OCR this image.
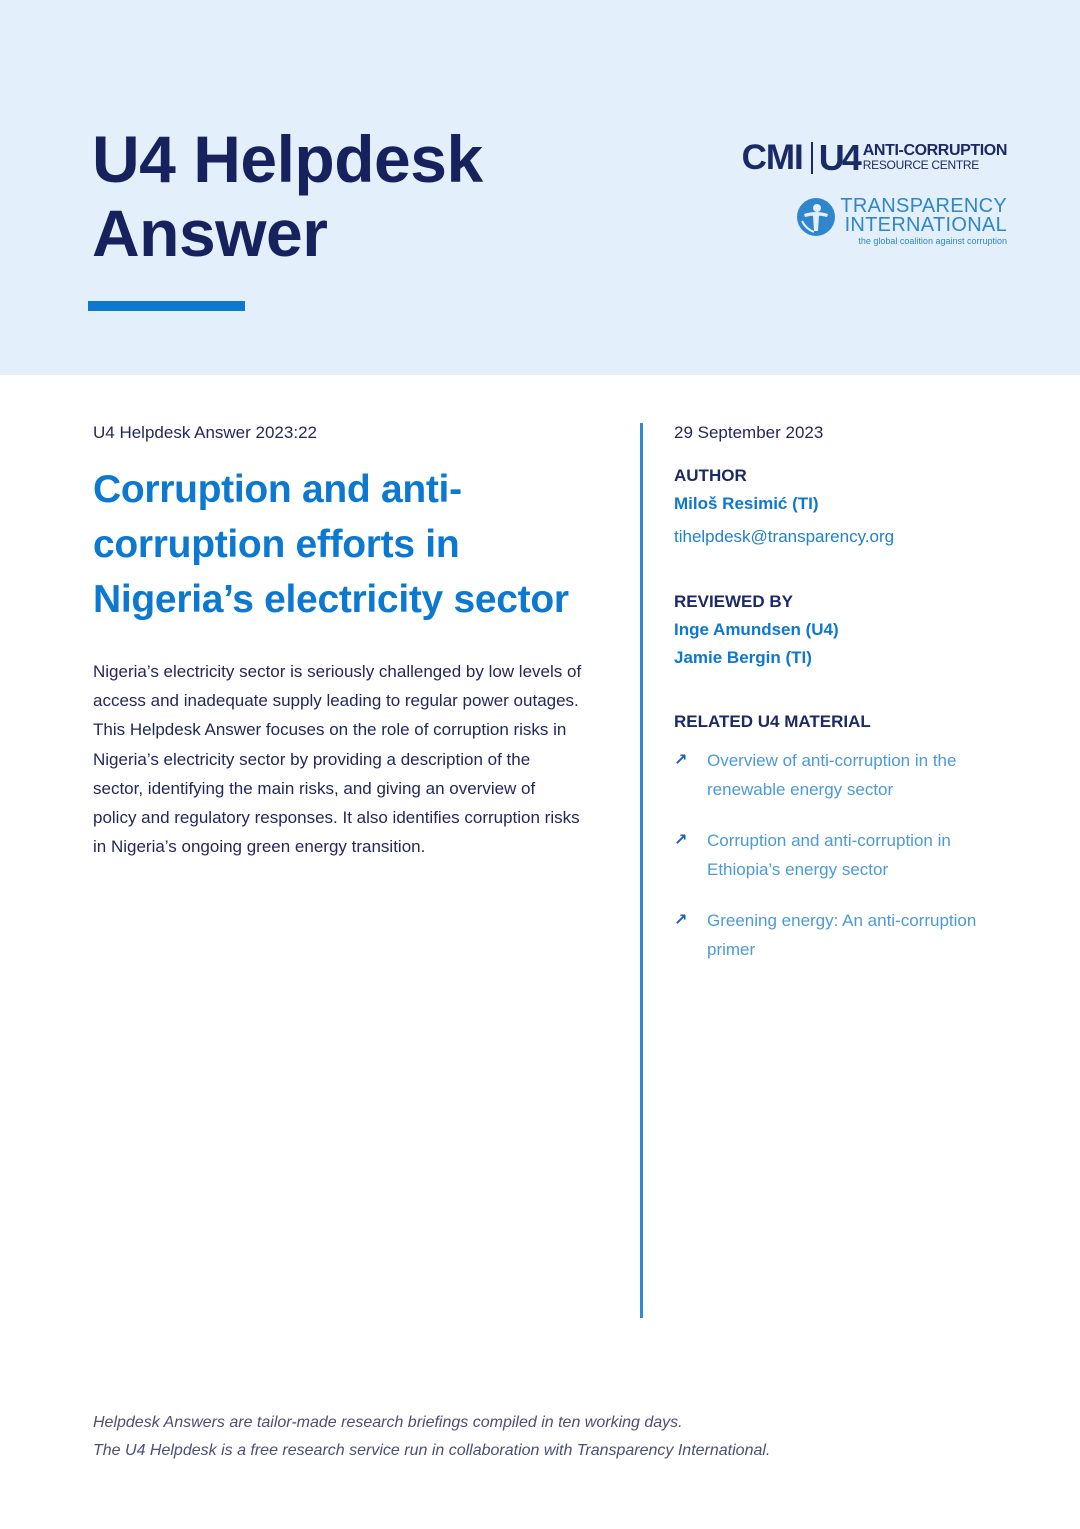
U4 Helpdesk
Answer
CMI U4 ANTI-CORRUPTION
RESOURCE CENTRE
TRANSPARENCY
INTERNATIONAL
the global coalition against corruption
U4 Helpdesk Answer 2023:22
Corruption and anti-corruption efforts in Nigeria’s electricity sector

Nigeria’s electricity sector is seriously challenged by low levels of access and inadequate supply leading to regular power outages. This Helpdesk Answer focuses on the role of corruption risks in Nigeria’s electricity sector by providing a description of the sector, identifying the main risks, and giving an overview of policy and regulatory responses. It also identifies corruption risks in Nigeria’s ongoing green energy transition.

29 September 2023
AUTHOR
Miloš Resimić (TI)
tihelpdesk@transparency.org
REVIEWED BY
Inge Amundsen (U4)
Jamie Bergin (TI)
RELATED U4 MATERIAL
↗	Overview of anti-corruption in the renewable energy sector
↗	Corruption and anti-corruption in Ethiopia’s energy sector
↗	Greening energy: An anti-corruption primer
Helpdesk Answers are tailor-made research briefings compiled in ten working days.
The U4 Helpdesk is a free research service run in collaboration with Transparency International.
